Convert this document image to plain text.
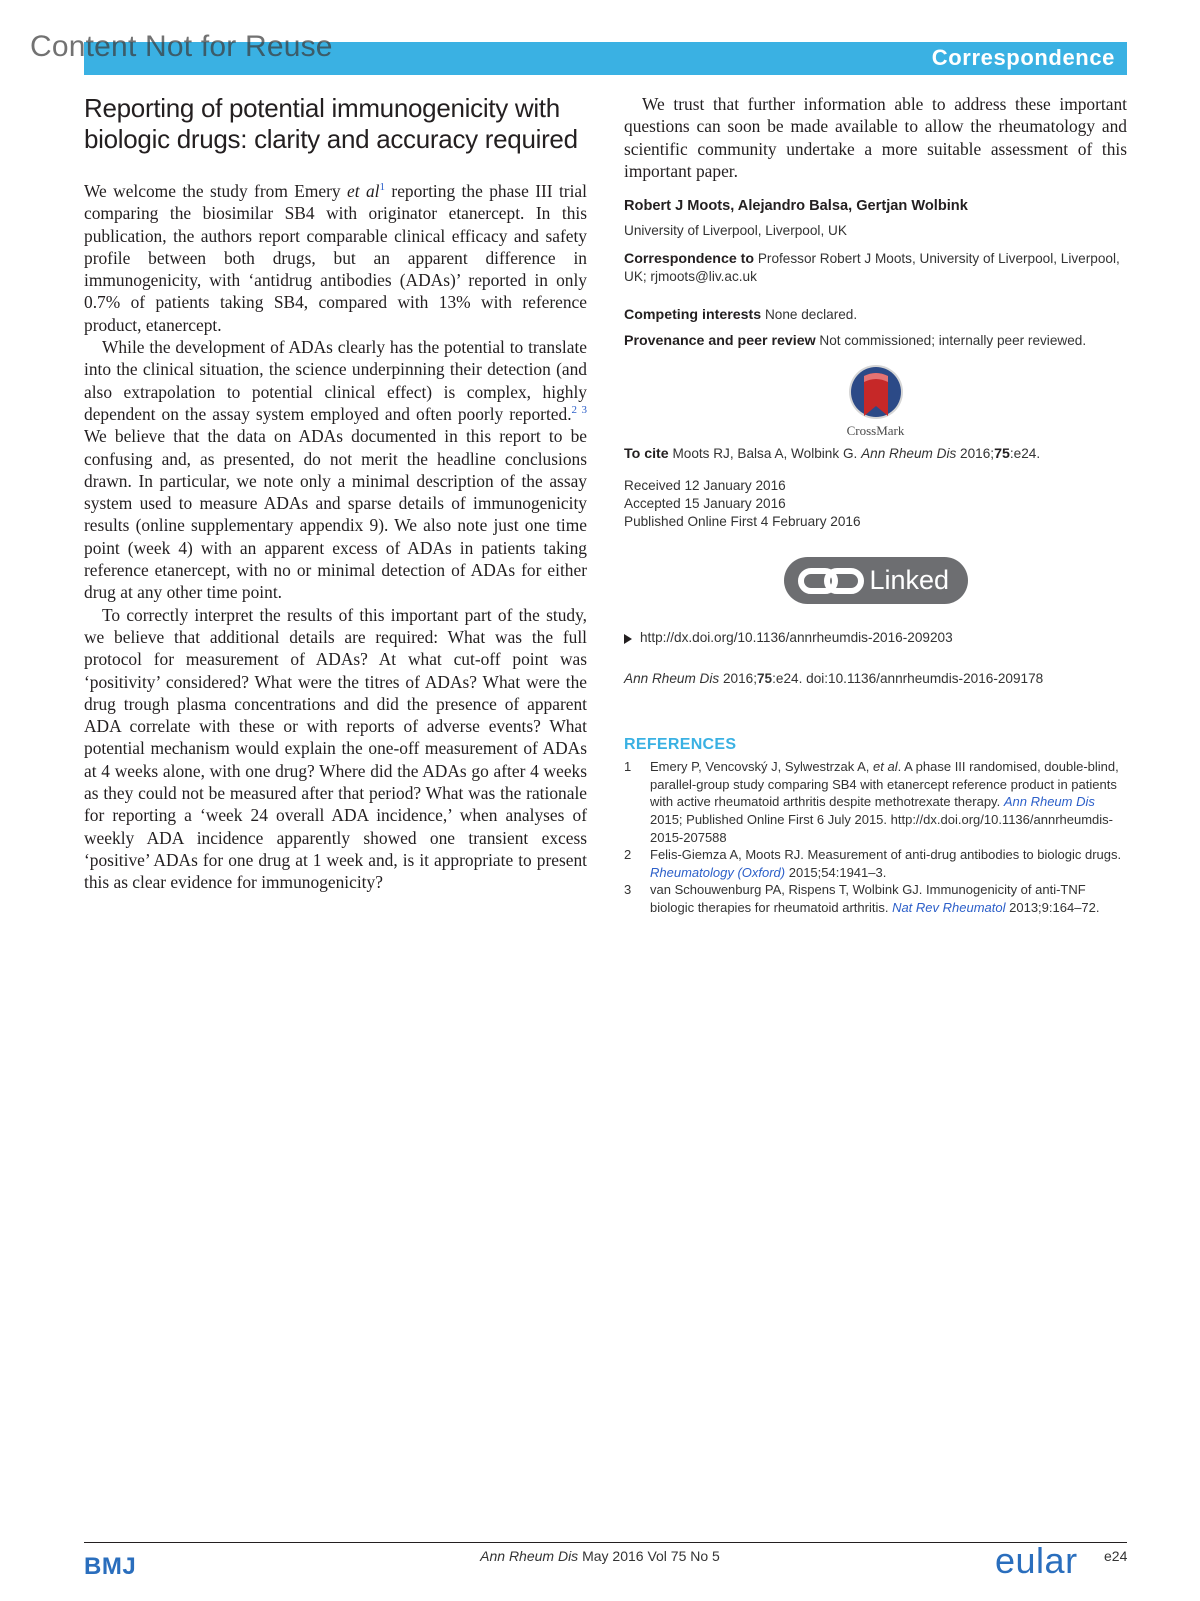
Content Not for Reuse	Correspondence
Reporting of potential immunogenicity with biologic drugs: clarity and accuracy required

We welcome the study from Emery et $al^1$ reporting the phase III trial comparing the biosimilar SB4 with originator etanercept. In this publication, the authors report comparable clinical efficacy and safety profile between both drugs, but an apparent difference in immunogenicity, with ‘antidrug antibodies (ADAs)’ reported in only 0.7% of patients taking SB4, compared with 13% with reference product, etanercept.

While the development of ADAs clearly has the potential to translate into the clinical situation, the science underpinning their detection (and also extrapolation to potential clinical effect) is complex, highly dependent on the assay system employed and often poorly reported.$^{2 3}$ We believe that the data on ADAs documented in this report to be confusing and, as presented, do not merit the headline conclusions drawn. In particular, we note only a minimal description of the assay system used to measure ADAs and sparse details of immunogenicity results (online supplementary appendix 9). We also note just one time point (week 4) with an apparent excess of ADAs in patients taking reference etanercept, with no or minimal detection of ADAs for either drug at any other time point.

To correctly interpret the results of this important part of the study, we believe that additional details are required: What was the full protocol for measurement of ADAs? At what cut-off point was ‘positivity’ considered? What were the titres of ADAs? What were the drug trough plasma concentrations and did the presence of apparent ADA correlate with these or with reports of adverse events? What potential mechanism would explain the one-off measurement of ADAs at 4 weeks alone, with one drug? Where did the ADAs go after 4 weeks as they could not be measured after that period? What was the rationale for reporting a ‘week 24 overall ADA incidence,’ when analyses of weekly ADA incidence apparently showed one transient excess ‘positive’ ADAs for one drug at 1 week and, is it appropriate to present this as clear evidence for immunogenicity?

We trust that further information able to address these important questions can soon be made available to allow the rheumatology and scientific community undertake a more suitable assessment of this important paper.

Robert J Moots, Alejandro Balsa, Gertjan Wolbink
University of Liverpool, Liverpool, UK
Correspondence to Professor Robert J Moots, University of Liverpool, Liverpool, UK; rjmoots@liv.ac.uk
Competing interests None declared.
Provenance and peer review Not commissioned; internally peer reviewed.
CrossMark
To cite Moots RJ, Balsa A, Wolbink G. Ann Rheum Dis 2016;75:e24.
Received 12 January 2016
Accepted 15 January 2016
Published Online First 4 February 2016
Linked
http://dx.doi.org/10.1136/annrheumdis-2016-209203
Ann Rheum Dis 2016;75:e24. doi:10.1136/annrheumdis-2016-209178
REFERENCES
1	Emery P, Vencovský J, Sylwestrzak A, et al. A phase III randomised, double-blind, parallel-group study comparing SB4 with etanercept reference product in patients with active rheumatoid arthritis despite methotrexate therapy. Ann Rheum Dis 2015; Published Online First 6 July 2015. http://dx.doi.org/10.1136/annrheumdis-2015-207588
2	Felis-Giemza A, Moots RJ. Measurement of anti-drug antibodies to biologic drugs. Rheumatology (Oxford) 2015;54:1941–3.
3	van Schouwenburg PA, Rispens T, Wolbink GJ. Immunogenicity of anti-TNF biologic therapies for rheumatoid arthritis. Nat Rev Rheumatol 2013;9:164–72.
BMJ	Ann Rheum Dis May 2016 Vol 75 No 5	eular e24
